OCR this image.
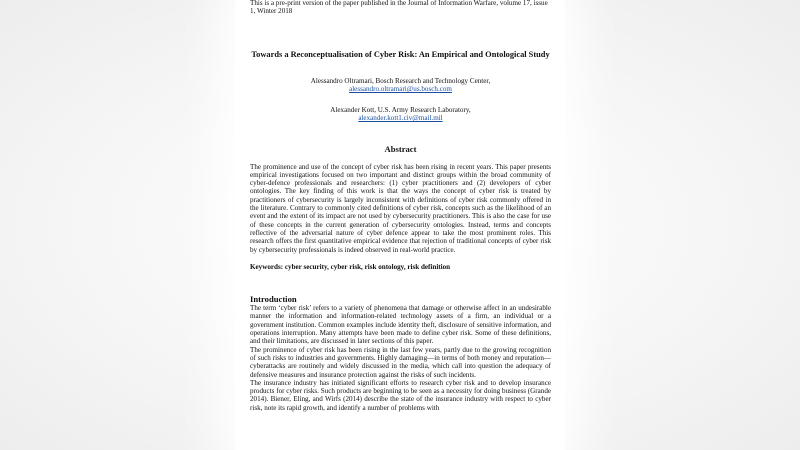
This is a pre-print version of the paper published in the Journal of Information Warfare, volume 17, issue 1, Winter 2018
Towards a Reconceptualisation of Cyber Risk: An Empirical and Ontological Study
Alessandro Oltramari, Bosch Research and Technology Center,
alessandro.oltramari@us.bosch.com
Alexander Kott, U.S. Army Research Laboratory,
alexander.kott1.civ@mail.mil
Abstract
The prominence and use of the concept of cyber risk has been rising in recent years. This paper presents empirical investigations focused on two important and distinct groups within the broad community of cyber-defence professionals and researchers: (1) cyber practitioners and (2) developers of cyber ontologies. The key finding of this work is that the ways the concept of cyber risk is treated by practitioners of cybersecurity is largely inconsistent with definitions of cyber risk commonly offered in the literature. Contrary to commonly cited definitions of cyber risk, concepts such as the likelihood of an event and the extent of its impact are not used by cybersecurity practitioners. This is also the case for use of these concepts in the current generation of cybersecurity ontologies. Instead, terms and concepts reflective of the adversarial nature of cyber defence appear to take the most prominent roles. This research offers the first quantitative empirical evidence that rejection of traditional concepts of cyber risk by cybersecurity professionals is indeed observed in real-world practice.
Keywords: cyber security, cyber risk, risk ontology, risk definition
Introduction
The term ‘cyber risk’ refers to a variety of phenomena that damage or otherwise affect in an undesirable manner the information and information-related technology assets of a firm, an individual or a government institution. Common examples include identity theft, disclosure of sensitive information, and operations interruption. Many attempts have been made to define cyber risk. Some of these definitions, and their limitations, are discussed in later sections of this paper.
The prominence of cyber risk has been rising in the last few years, partly due to the growing recognition of such risks to industries and governments. Highly damaging—in terms of both money and reputation—cyberattacks are routinely and widely discussed in the media, which call into question the adequacy of defensive measures and insurance protection against the risks of such incidents.
The insurance industry has initiated significant efforts to research cyber risk and to develop insurance products for cyber risks. Such products are beginning to be seen as a necessity for doing business (Grande 2014). Biener, Eling, and Wirfs (2014) describe the state of the insurance industry with respect to cyber risk, note its rapid growth, and identify a number of problems with
